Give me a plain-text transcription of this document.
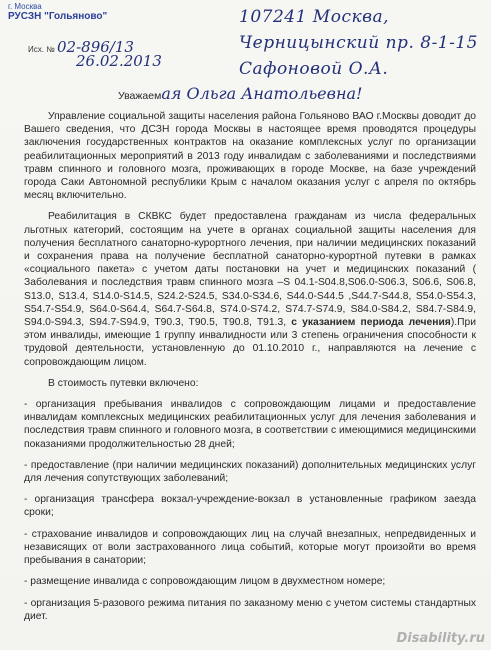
г. Москва
РУСЗН "Гольяново"
Исх. № 02-896/13
26.02.2013
107241 Москва,
Черницынский пр. 8-1-15
Сафоновой О.А.
Уважаемая Ольга Анатольевна!

Управление социальной защиты населения района Гольяново ВАО г.Москвы доводит до Вашего сведения, что ДСЗН города Москвы в настоящее время проводятся процедуры заключения государственных контрактов на оказание комплексных услуг по организации реабилитационных мероприятий в 2013 году инвалидам с заболеваниями и последствиями травм спинного и головного мозга, проживающих в городе Москве, на базе учреждений города Саки Автономной республики Крым с началом оказания услуг с апреля по октябрь месяц включительно.

Реабилитация в СКВКС будет предоставлена гражданам из числа федеральных льготных категорий, состоящим на учете в органах социальной защиты населения для получения бесплатного санаторно-курортного лечения, при наличии медицинских показаний и сохранения права на получение бесплатной санаторно-курортной путевки в рамках «социального пакета» с учетом даты постановки на учет и медицинских показаний ( Заболевания и последствия травм спинного мозга –S 04.1-S04.8,S06.0-S06.3, S06.6, S06.8, S13.0, S13.4, S14.0-S14.5, S24.2-S24.5, S34.0-S34.6, S44.0-S44.5 ,S44.7-S44.8, S54.0-S54.3, S54.7-S54.9, S64.0-S64.4, S64.7-S64.8, S74.0-S74.2, S74.7-S74.9, S84.0-S84.2, S84.7-S84.9, S94.0-S94.3, S94.7-S94.9, T90.3, T90.5, T90.8, T91.3, с указанием периода лечения).При этом инвалиды, имеющие 1 группу инвалидности или 3 степень ограничения способности к трудовой деятельности, установленную до 01.10.2010 г., направляются на лечение с сопровождающим лицом.

В стоимость путевки включено:

- организация пребывания инвалидов с сопровождающим лицами и предоставление инвалидам комплексных медицинских реабилитационных услуг для лечения заболевания и последствия травм спинного и головного мозга, в соответствии с имеющимися медицинскими показаниями продолжительностью 28 дней;

- предоставление (при наличии медицинских показаний) дополнительных медицинских услуг для лечения сопутствующих заболеваний;

- организация трансфера вокзал-учреждение-вокзал в установленные графиком заезда сроки;

- страхование инвалидов и сопровождающих лиц на случай внезапных, непредвиденных и независящих от воли застрахованного лица событий, которые могут произойти во время пребывания в санатории;

- размещение инвалида с сопровождающим лицом в двухместном номере;

- организация 5-разового режима питания по заказному меню с учетом системы стандартных диет.

Disability.ru
